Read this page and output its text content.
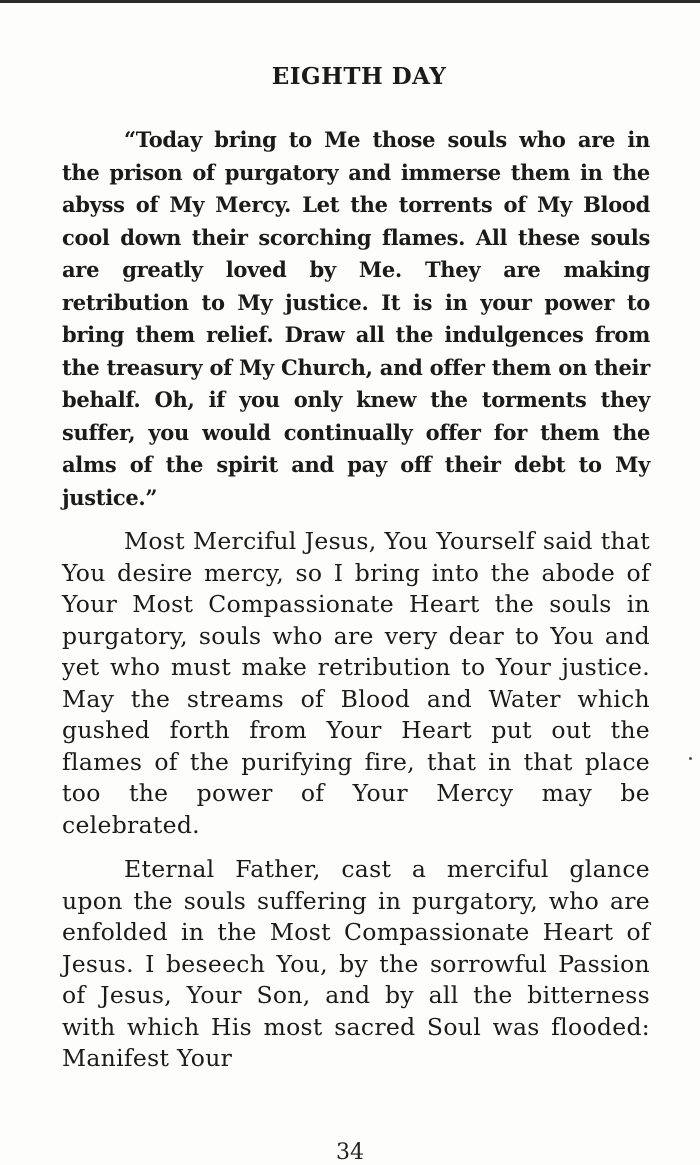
EIGHTH DAY

“Today bring to Me those souls who are in the prison of purgatory and immerse them in the abyss of My Mercy. Let the torrents of My Blood cool down their scorching flames. All these souls are greatly loved by Me. They are making retribution to My justice. It is in your power to bring them relief. Draw all the indulgences from the treasury of My Church, and offer them on their behalf. Oh, if you only knew the torments they suffer, you would continually offer for them the alms of the spirit and pay off their debt to My justice.”

Most Merciful Jesus, You Yourself said that You desire mercy, so I bring into the abode of Your Most Compassionate Heart the souls in purgatory, souls who are very dear to You and yet who must make retribution to Your justice. May the streams of Blood and Water which gushed forth from Your Heart put out the flames of the purifying fire, that in that place too the power of Your Mercy may be celebrated.

Eternal Father, cast a merciful glance upon the souls suffering in purgatory, who are enfolded in the Most Compassionate Heart of Jesus. I beseech You, by the sorrowful Passion of Jesus, Your Son, and by all the bitterness with which His most sacred Soul was flooded: Manifest Your

34
